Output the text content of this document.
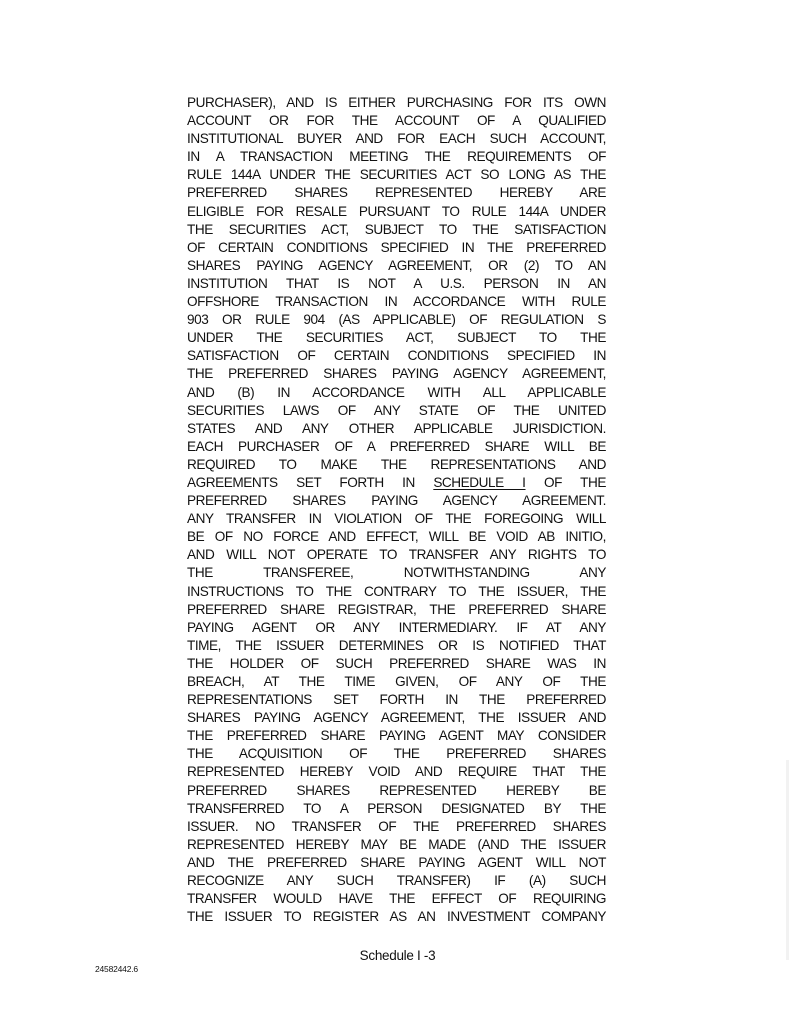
PURCHASER), AND IS EITHER PURCHASING FOR ITS OWN
ACCOUNT OR FOR THE ACCOUNT OF A QUALIFIED
INSTITUTIONAL BUYER AND FOR EACH SUCH ACCOUNT,
IN A TRANSACTION MEETING THE REQUIREMENTS OF
RULE 144A UNDER THE SECURITIES ACT SO LONG AS THE
PREFERRED SHARES REPRESENTED HEREBY ARE
ELIGIBLE FOR RESALE PURSUANT TO RULE 144A UNDER
THE SECURITIES ACT, SUBJECT TO THE SATISFACTION
OF CERTAIN CONDITIONS SPECIFIED IN THE PREFERRED
SHARES PAYING AGENCY AGREEMENT, OR (2) TO AN
INSTITUTION THAT IS NOT A U.S. PERSON IN AN
OFFSHORE TRANSACTION IN ACCORDANCE WITH RULE
903 OR RULE 904 (AS APPLICABLE) OF REGULATION S
UNDER THE SECURITIES ACT, SUBJECT TO THE
SATISFACTION OF CERTAIN CONDITIONS SPECIFIED IN
THE PREFERRED SHARES PAYING AGENCY AGREEMENT,
AND (B) IN ACCORDANCE WITH ALL APPLICABLE
SECURITIES LAWS OF ANY STATE OF THE UNITED
STATES AND ANY OTHER APPLICABLE JURISDICTION.
EACH PURCHASER OF A PREFERRED SHARE WILL BE
REQUIRED TO MAKE THE REPRESENTATIONS AND
AGREEMENTS SET FORTH IN SCHEDULE I OF THE
PREFERRED SHARES PAYING AGENCY AGREEMENT.
ANY TRANSFER IN VIOLATION OF THE FOREGOING WILL
BE OF NO FORCE AND EFFECT, WILL BE VOID AB INITIO,
AND WILL NOT OPERATE TO TRANSFER ANY RIGHTS TO
THE TRANSFEREE, NOTWITHSTANDING ANY
INSTRUCTIONS TO THE CONTRARY TO THE ISSUER, THE
PREFERRED SHARE REGISTRAR, THE PREFERRED SHARE
PAYING AGENT OR ANY INTERMEDIARY. IF AT ANY
TIME, THE ISSUER DETERMINES OR IS NOTIFIED THAT
THE HOLDER OF SUCH PREFERRED SHARE WAS IN
BREACH, AT THE TIME GIVEN, OF ANY OF THE
REPRESENTATIONS SET FORTH IN THE PREFERRED
SHARES PAYING AGENCY AGREEMENT, THE ISSUER AND
THE PREFERRED SHARE PAYING AGENT MAY CONSIDER
THE ACQUISITION OF THE PREFERRED SHARES
REPRESENTED HEREBY VOID AND REQUIRE THAT THE
PREFERRED SHARES REPRESENTED HEREBY BE
TRANSFERRED TO A PERSON DESIGNATED BY THE
ISSUER. NO TRANSFER OF THE PREFERRED SHARES
REPRESENTED HEREBY MAY BE MADE (AND THE ISSUER
AND THE PREFERRED SHARE PAYING AGENT WILL NOT
RECOGNIZE ANY SUCH TRANSFER) IF (A) SUCH
TRANSFER WOULD HAVE THE EFFECT OF REQUIRING
THE ISSUER TO REGISTER AS AN INVESTMENT COMPANY
Schedule I -3
24582442.6
